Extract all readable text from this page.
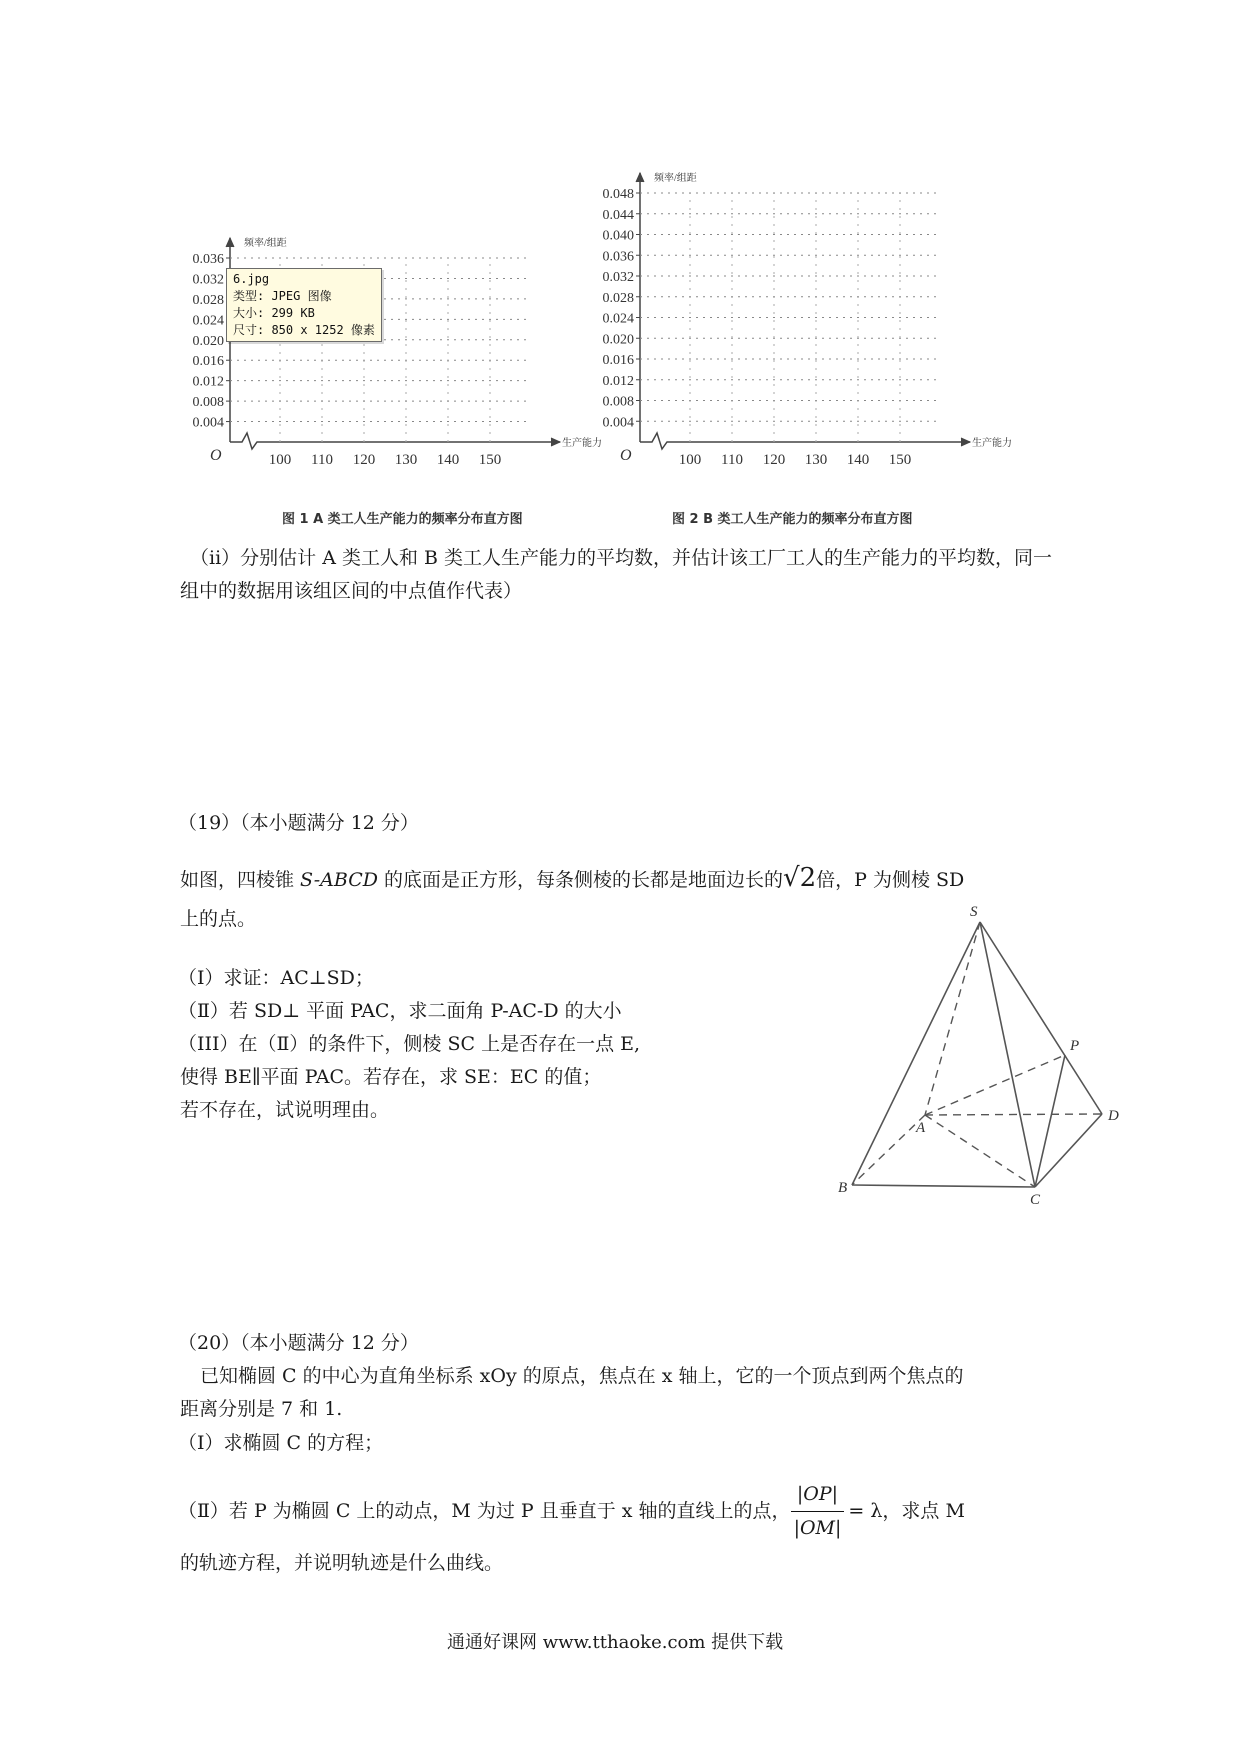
0.004
0.008
0.012
0.016
0.020
0.024
0.028
0.032
0.036
100 110 120 130 140 150
O
频率/组距
生产能力
图 1 A 类工人生产能力的频率分布直方图
6.jpg
类型: JPEG 图像
大小: 299 KB
尺寸: 850 x 1252 像素
0.004
0.008
0.012
0.016
0.020
0.024
0.028
0.032
0.036
0.040
0.044
0.048
100 110 120 130 140 150
O
频率/组距
生产能力
图 2 B 类工人生产能力的频率分布直方图
（ii）分别估计 A 类工人和 B 类工人生产能力的平均数，并估计该工厂工人的生产能力的平均数，同一组中的数据用该组区间的中点值作代表）
（19）（本小题满分 12 分）
如图，四棱锥 S-ABCD 的底面是正方形，每条侧棱的长都是地面边长的√2倍，P 为侧棱 SD
上的点。
（Ⅰ）求证：AC⊥SD；
（Ⅱ）若 SD⊥ 平面 PAC，求二面角 P-AC-D 的大小
（III）在（Ⅱ）的条件下，侧棱 SC 上是否存在一点 E,
使得 BE∥平面 PAC。若存在，求 SE：EC 的值；
若不存在，试说明理由。
S
P
A
D
B
C
（20）（本小题满分 12 分）
已知椭圆 C 的中心为直角坐标系 xOy 的原点，焦点在 x 轴上，它的一个顶点到两个焦点的
距离分别是 7 和 1.
（Ⅰ）求椭圆 C 的方程；
（Ⅱ）若 P 为椭圆 C 上的动点，M 为过 P 且垂直于 x 轴的直线上的点， $\frac{|OP|}{|OM|} = \lambda$ ，求点 M
的轨迹方程，并说明轨迹是什么曲线。
通通好课网 www.tthaoke.com 提供下载
